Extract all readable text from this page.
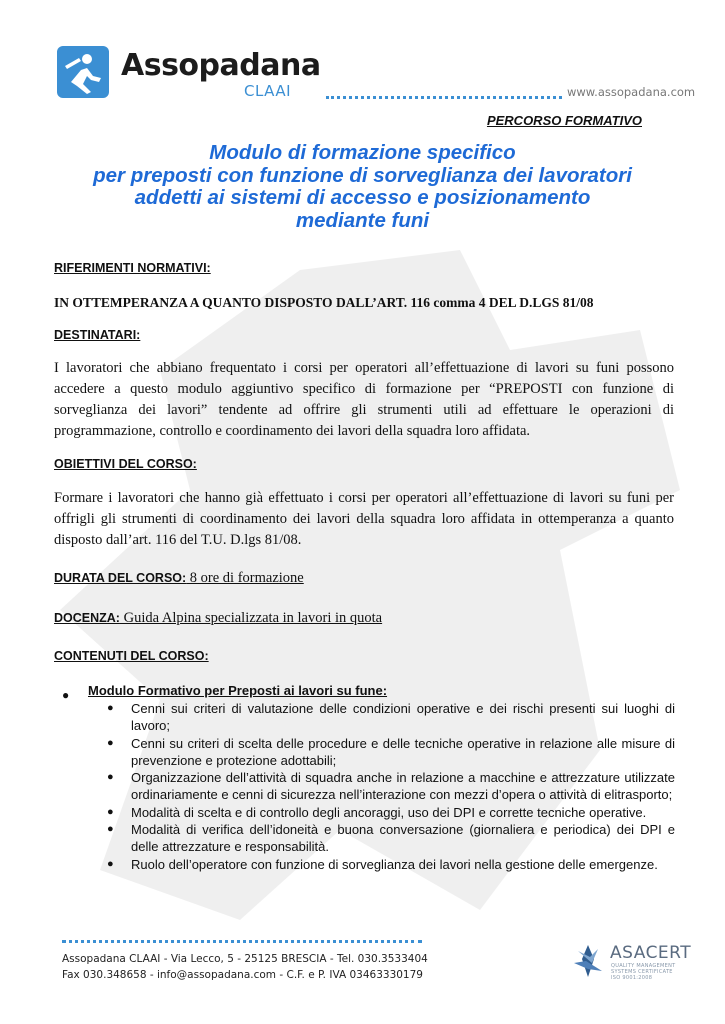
Assopadana
CLAAI	www.assopadana.com
PERCORSO FORMATIVO
Modulo di formazione specifico
per preposti con funzione di sorveglianza dei lavoratori
addetti ai sistemi di accesso e posizionamento
mediante funi
RIFERIMENTI NORMATIVI:
IN OTTEMPERANZA A QUANTO DISPOSTO DALL’ART. 116 comma 4 DEL D.LGS 81/08
DESTINATARI:
I lavoratori che abbiano frequentato i corsi per operatori all’effettuazione di lavori su funi possono accedere a questo modulo aggiuntivo specifico di formazione per “PREPOSTI con funzione di sorveglianza dei lavori” tendente ad offrire gli strumenti utili ad effettuare le operazioni di programmazione, controllo e coordinamento dei lavori della squadra loro affidata.
OBIETTIVI DEL CORSO:
Formare i lavoratori che hanno già effettuato i corsi per operatori all’effettuazione di lavori su funi per offrigli gli strumenti di coordinamento dei lavori della squadra loro affidata in ottemperanza a quanto disposto dall’art. 116 del T.U. D.lgs 81/08.
DURATA DEL CORSO: 8 ore di formazione
DOCENZA: Guida Alpina specializzata in lavori in quota
CONTENUTI DEL CORSO:
● Modulo Formativo per Preposti ai lavori su fune:
● Cenni sui criteri di valutazione delle condizioni operative e dei rischi presenti sui luoghi di lavoro;
● Cenni su criteri di scelta delle procedure e delle tecniche operative in relazione alle misure di prevenzione e protezione adottabili;
● Organizzazione dell’attività di squadra anche in relazione a macchine e attrezzature utilizzate ordinariamente e cenni di sicurezza nell’interazione con mezzi d’opera o attività di elitrasporto;
● Modalità di scelta e di controllo degli ancoraggi, uso dei DPI e corrette tecniche operative.
● Modalità di verifica dell’idoneità e buona conversazione (giornaliera e periodica) dei DPI e delle attrezzature e responsabilità.
● Ruolo dell’operatore con funzione di sorveglianza dei lavori nella gestione delle emergenze.
Assopadana CLAAI - Via Lecco, 5 - 25125 BRESCIA - Tel. 030.3533404
Fax 030.348658 - info@assopadana.com - C.F. e P. IVA 03463330179
ASACERT
QUALITY MANAGEMENT
SYSTEMS CERTIFICATE
ISO 9001:2008
